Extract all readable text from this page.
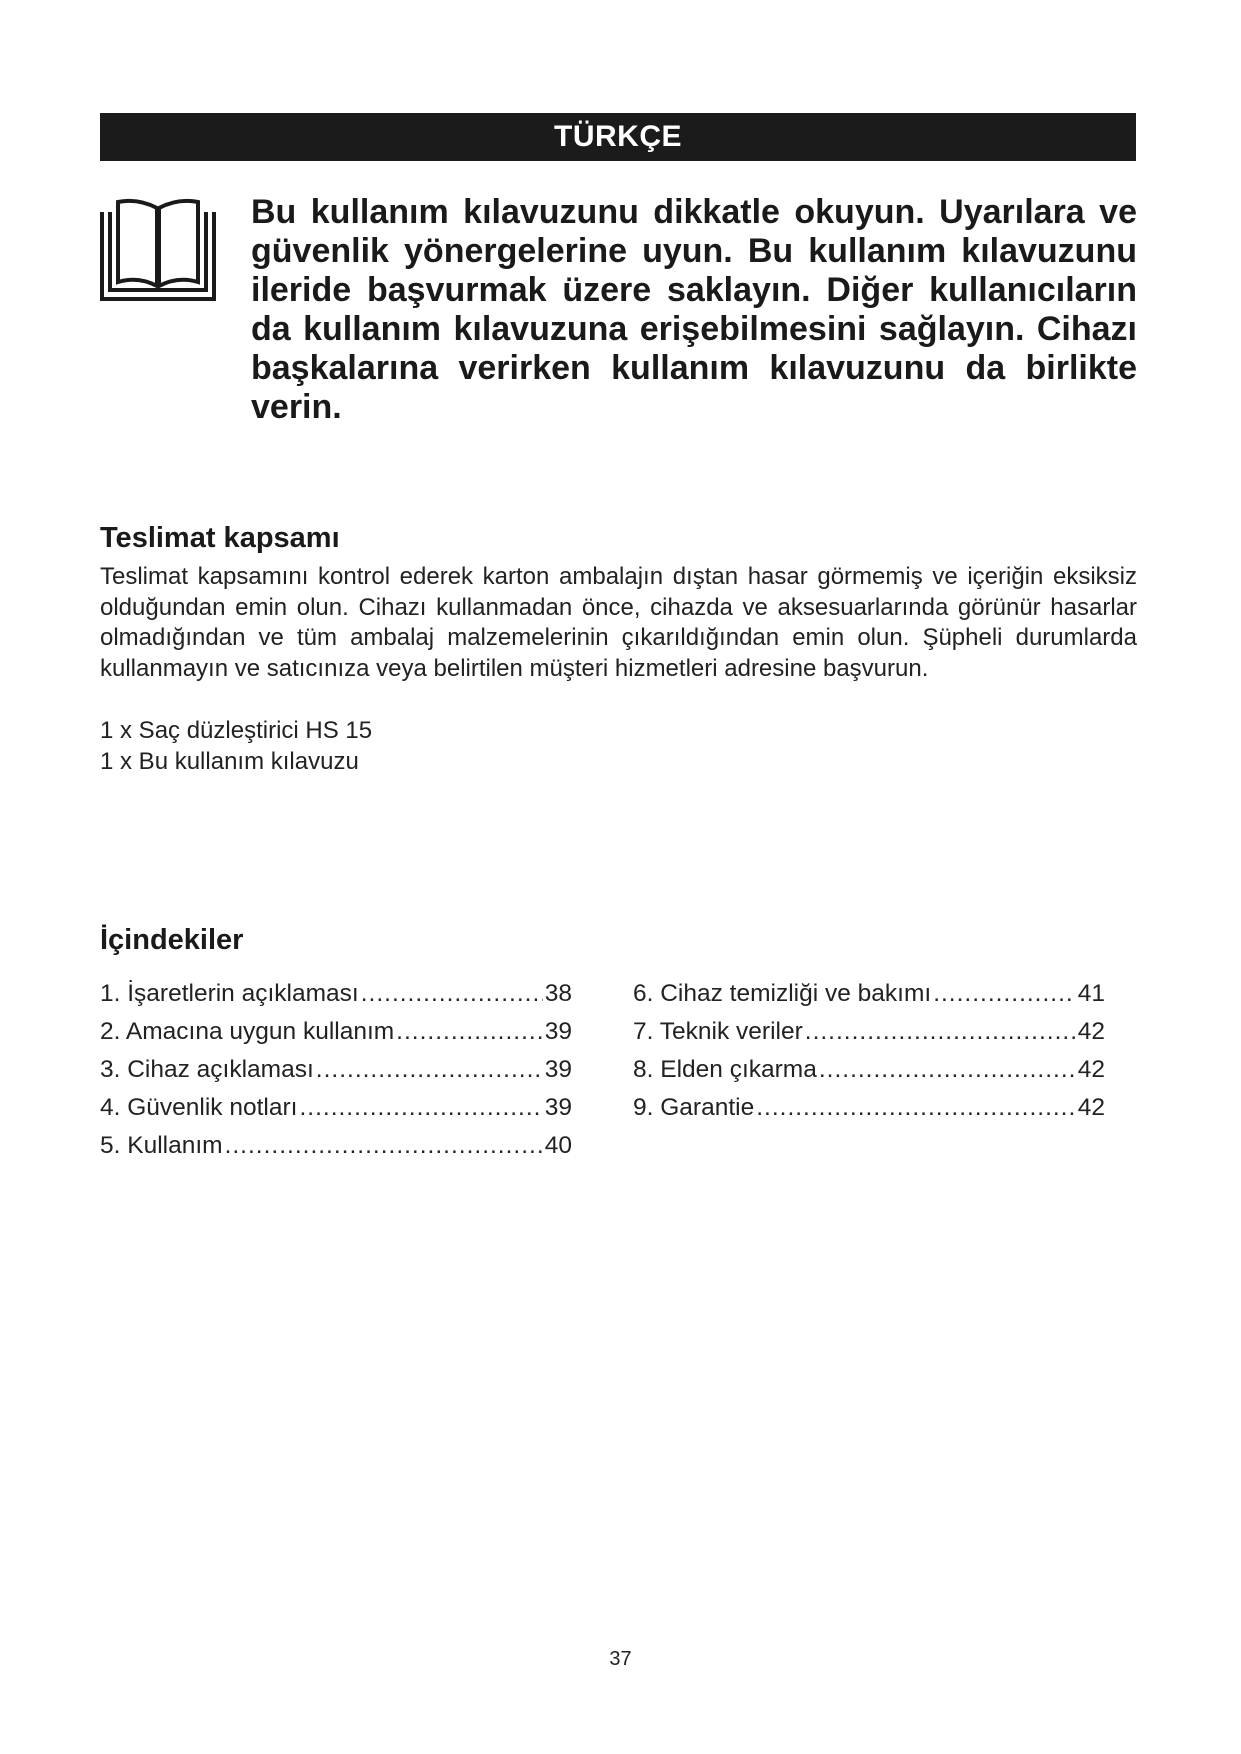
TÜRKÇE

Bu kullanım kılavuzunu dikkatle okuyun. Uyarılara ve güvenlik yönergelerine uyun. Bu kullanım kılavuzunu ileride başvurmak üzere saklayın. Diğer kullanıcıların da kullanım kılavuzuna erişebilmesini sağlayın. Cihazı başkalarına verirken kullanım kılavuzunu da birlikte verin.

Teslimat kapsamı

Teslimat kapsamını kontrol ederek karton ambalajın dıştan hasar görmemiş ve içeriğin eksiksiz olduğundan emin olun. Cihazı kullanmadan önce, cihazda ve aksesuarlarında görünür hasarlar olmadığından ve tüm ambalaj malzemelerinin çıkarıldığından emin olun. Şüpheli durumlarda kullanmayın ve satıcınıza veya belirtilen müşteri hizmetleri adresine başvurun.

1 x Saç düzleştirici HS 15
1 x Bu kullanım kılavuzu
İçindekiler
1. İşaretlerin açıklaması .....	38
2. Amacına uygun kullanım .....	39
3. Cihaz açıklaması .....	39
4. Güvenlik notları .....	39
5. Kullanım .....	40
6. Cihaz temizliği ve bakımı .....	41
7. Teknik veriler .....	42
8. Elden çıkarma .....	42
9. Garantie .....	42
37
